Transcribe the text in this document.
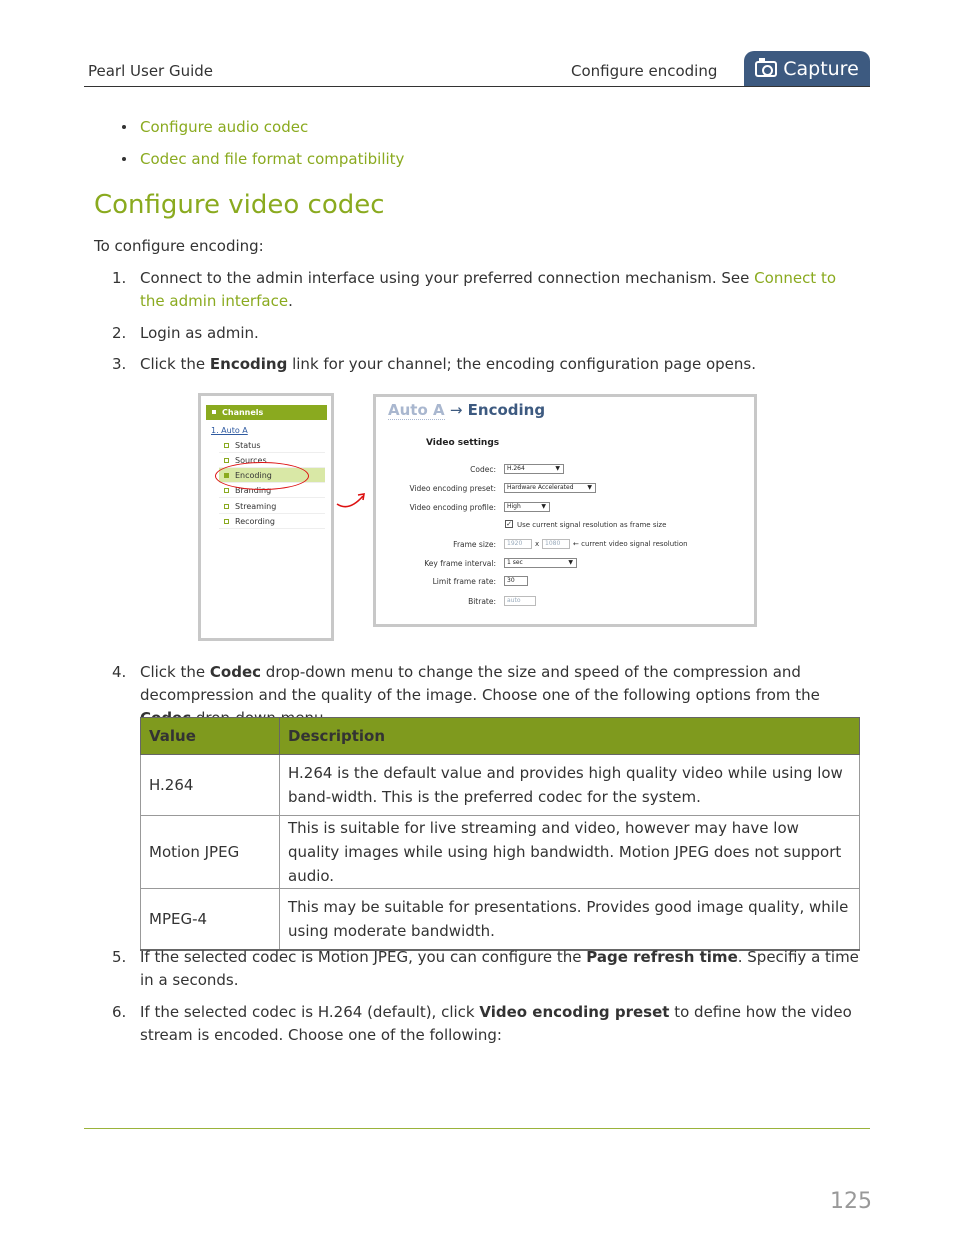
Pearl User Guide	Configure encoding	Capture
Configure audio codec
Codec and file format compatibility
Configure video codec
To configure encoding:
1. Connect to the admin interface using your preferred connection mechanism. See Connect to the admin interface.
2. Login as admin.
3. Click the Encoding link for your channel; the encoding configuration page opens.
Channels
1. Auto A
Status
Sources
Encoding
Branding
Streaming
Recording
Auto A → Encoding
Video settings
Codec:	H.264 ▼
Video encoding preset:	Hardware Accelerated ▼
Video encoding profile:	High ▼
✓ Use current signal resolution as frame size
Frame size:	1920	x 1080	← current video signal resolution
Key frame interval:	1 sec ▼
Limit frame rate:	30
Bitrate:	auto
4. Click the Codec drop-down menu to change the size and speed of the compression and decompression and the quality of the image. Choose one of the following options from the
Value	Description
H.264	H.264 is the default value and provides high quality video while using low band-width. This is the preferred codec for the system.
Motion JPEG	This is suitable for live streaming and video, however may have low quality images while using high bandwidth. Motion JPEG does not support audio.
MPEG-4	This may be suitable for presentations. Provides good image quality, while using moderate bandwidth.
5. If the selected codec is Motion JPEG, you can configure the Page refresh time. Specifiy a time in a seconds.
6. If the selected codec is H.264 (default), click Video encoding preset to define how the video stream is encoded. Choose one of the following:
125
